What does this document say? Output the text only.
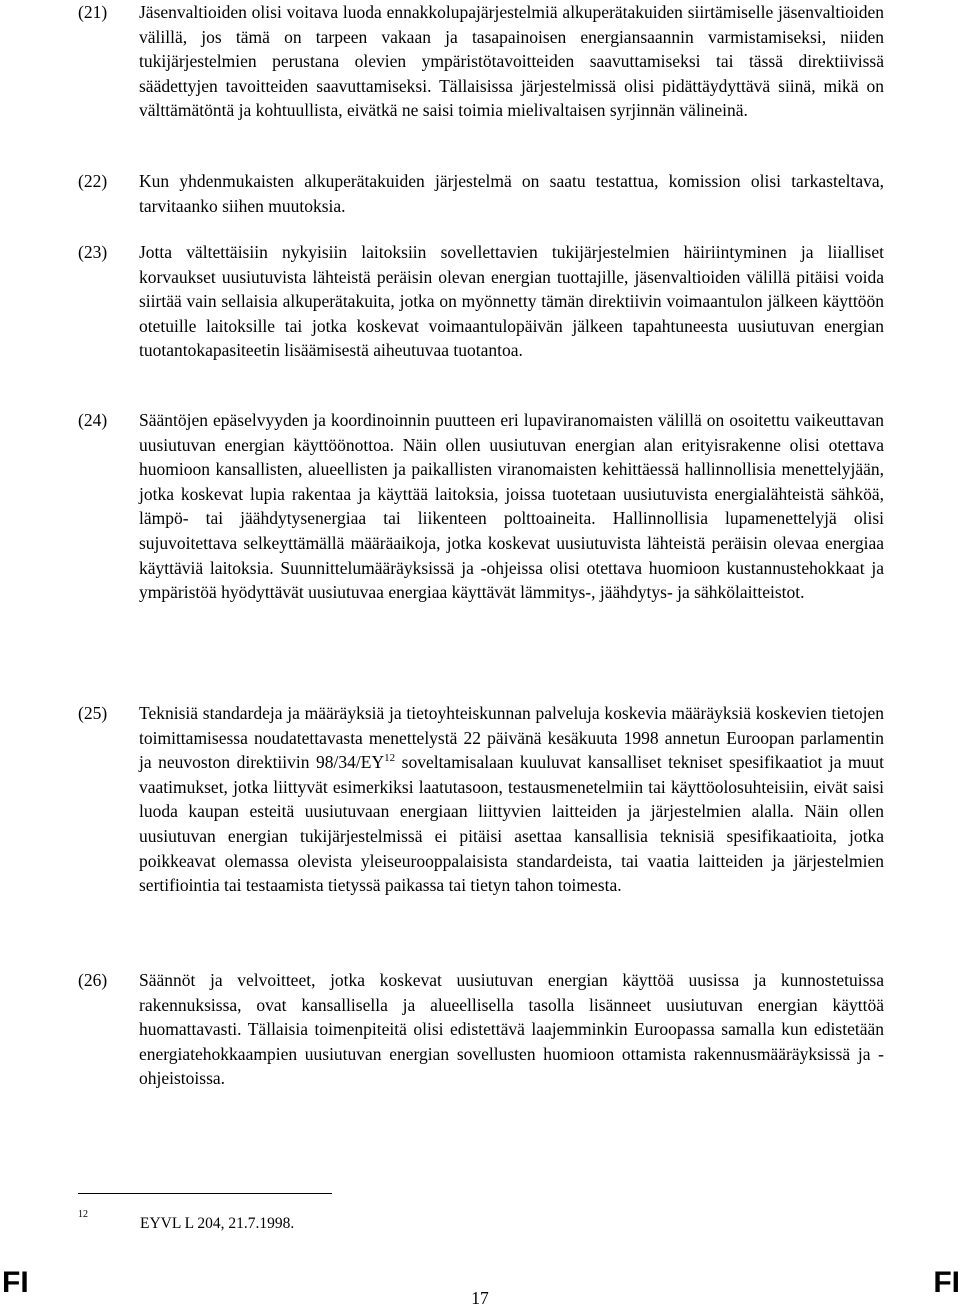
(21) Jäsenvaltioiden olisi voitava luoda ennakkolupajärjestelmiä alkuperätakuiden siirtämiselle jäsenvaltioiden välillä, jos tämä on tarpeen vakaan ja tasapainoisen energiansaannin varmistamiseksi, niiden tukijärjestelmien perustana olevien ympäristötavoitteiden saavuttamiseksi tai tässä direktiivissä säädettyjen tavoitteiden saavuttamiseksi. Tällaisissa järjestelmissä olisi pidättäydyttävä siinä, mikä on välttämätöntä ja kohtuullista, eivätkä ne saisi toimia mielivaltaisen syrjinnän välineinä.

(22) Kun yhdenmukaisten alkuperätakuiden järjestelmä on saatu testattua, komission olisi tarkasteltava, tarvitaanko siihen muutoksia.

(23) Jotta vältettäisiin nykyisiin laitoksiin sovellettavien tukijärjestelmien häiriintyminen ja liialliset korvaukset uusiutuvista lähteistä peräisin olevan energian tuottajille, jäsenvaltioiden välillä pitäisi voida siirtää vain sellaisia alkuperätakuita, jotka on myönnetty tämän direktiivin voimaantulon jälkeen käyttöön otetuille laitoksille tai jotka koskevat voimaantulopäivän jälkeen tapahtuneesta uusiutuvan energian tuotantokapasiteetin lisäämisestä aiheutuvaa tuotantoa.

(24) Sääntöjen epäselvyyden ja koordinoinnin puutteen eri lupaviranomaisten välillä on osoitettu vaikeuttavan uusiutuvan energian käyttöönottoa. Näin ollen uusiutuvan energian alan erityisrakenne olisi otettava huomioon kansallisten, alueellisten ja paikallisten viranomaisten kehittäessä hallinnollisia menettelyjään, jotka koskevat lupia rakentaa ja käyttää laitoksia, joissa tuotetaan uusiutuvista energialähteistä sähköä, lämpö- tai jäähdytysenergiaa tai liikenteen polttoaineita. Hallinnollisia lupamenettelyjä olisi sujuvoitettava selkeyttämällä määräaikoja, jotka koskevat uusiutuvista lähteistä peräisin olevaa energiaa käyttäviä laitoksia. Suunnittelumääräyksissä ja -ohjeissa olisi otettava huomioon kustannustehokkaat ja ympäristöä hyödyttävät uusiutuvaa energiaa käyttävät lämmitys-, jäähdytys- ja sähkölaitteistot.

(25) Teknisiä standardeja ja määräyksiä ja tietoyhteiskunnan palveluja koskevia määräyksiä koskevien tietojen toimittamisessa noudatettavasta menettelystä 22 päivänä kesäkuuta 1998 annetun Euroopan parlamentin ja neuvoston direktiivin 98/34/EY$^{12}$ soveltamisalaan kuuluvat kansalliset tekniset spesifikaatiot ja muut vaatimukset, jotka liittyvät esimerkiksi laatutasoon, testausmenetelmiin tai käyttöolosuhteisiin, eivät saisi luoda kaupan esteitä uusiutuvaan energiaan liittyvien laitteiden ja järjestelmien alalla. Näin ollen uusiutuvan energian tukijärjestelmissä ei pitäisi asettaa kansallisia teknisiä spesifikaatioita, jotka poikkeavat olemassa olevista yleiseurooppalaisista standardeista, tai vaatia laitteiden ja järjestelmien sertifiointia tai testaamista tietyssä paikassa tai tietyn tahon toimesta.

(26) Säännöt ja velvoitteet, jotka koskevat uusiutuvan energian käyttöä uusissa ja kunnostetuissa rakennuksissa, ovat kansallisella ja alueellisella tasolla lisänneet uusiutuvan energian käyttöä huomattavasti. Tällaisia toimenpiteitä olisi edistettävä laajemminkin Euroopassa samalla kun edistetään energiatehokkaampien uusiutuvan energian sovellusten huomioon ottamista rakennusmääräyksissä ja -ohjeistoissa.

12
EYVL L 204, 21.7.1998.
FI	17	FI
